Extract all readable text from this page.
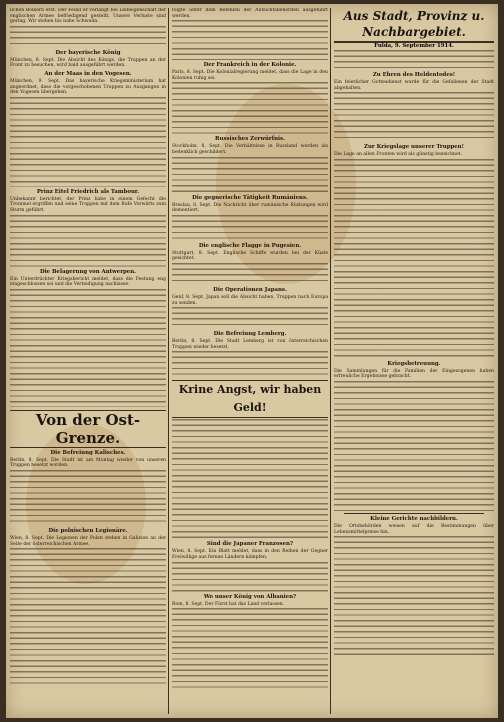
lichen Bolkern erst. Der Feind er verlangt bei Leibeigenschaft der englischen Armee befriedigend gestellt. Unsere Verluste sind gering. Wir stehen bis nahe Schwelin.

Der bayerische König

München, 8. Sept. Die Absicht des Königs, die Truppen an der Front zu besuchen, wird bald ausgeführt werden.

An der Maas in den Vogesen.

München, 9. Sept. Das bayerische Kriegsministerium hat angeordnet, dass die vorgeschobenen Truppen zu Ausgangen in den Vogesen übergehen.

Prinz Eitel Friedrich als Tambour.

Unbekannt berichtet, der Prinz habe in einem Gefecht die Trommel ergriffen und seine Truppen mit dem Rufe Vorwärts zum Sturm geführt.

Die Belagerung von Antwerpen.

Ein Unterdrückter Kriegsbericht meldet, dass die Festung eng eingeschlossen sei und die Verteidigung nachlasse.

Von der Ost-Grenze.
Die Befreiung Kalisches.

Berlin, 8. Sept. Die Stadt ist am Montag wieder von unseren Truppen besetzt worden.

Die polnischen Legionäre.

Wien, 8. Sept. Die Legionen der Polen stehen in Galizien an der Seite der österreichischen Armee.

folgte unter dem Befehlen der Aufsichtsbehörden ausgeführt werden.

Der Frankreich in der Kolonie.

Paris, 8. Sept. Die Kolonialregierung meldet, dass die Lage in den Kolonien ruhig sei.

Russisches Zerwürfnis.

Stockholm, 8. Sept. Die Verhältnisse in Russland werden als bedenklich geschildert.

Die gegnerische Tätigkeit Rumäniens.

Breslau, 8. Sept. Die Nachricht über rumänische Rüstungen wird dementiert.

Die englische Flagge in Pugesien.

Stuttgart, 8. Sept. Englische Schiffe wurden bei der Küste gesichtet.

Die Operationen Japans.

Genf, 8. Sept. Japan soll die Absicht haben, Truppen nach Europa zu senden.

Die Befreiung Lemberg.

Berlin, 8. Sept. Die Stadt Lemberg ist von österreichischen Truppen wieder besetzt.

Krine Angst, wir haben Geld!
Sind die Japaner Franzosen?

Wien, 8. Sept. Ein Blatt meldet, dass in den Reihen der Gegner Freiwillige aus fernen Ländern kämpfen.

Wo unser König von Albanien?

Rom, 8. Sept. Der Fürst hat das Land verlassen.

Aus Stadt, Provinz u. Nachbargebiet.
Fulda, 9. September 1914.
Zu Ehren des Heldentodes!

Ein feierlicher Gottesdienst wurde für die Gefallenen der Stadt abgehalten.

Zur Kriegslage unserer Truppen!

Die Lage an allen Fronten wird als günstig bezeichnet.

Kriegsbetreuung.

Die Sammlungen für die Familien der Eingezogenen haben erfreuliche Ergebnisse gebracht.

Kleine Gerichte nachbildern.

Die Ortsbehörden weisen auf die Bestimmungen über Lebensmittelpreise hin.
